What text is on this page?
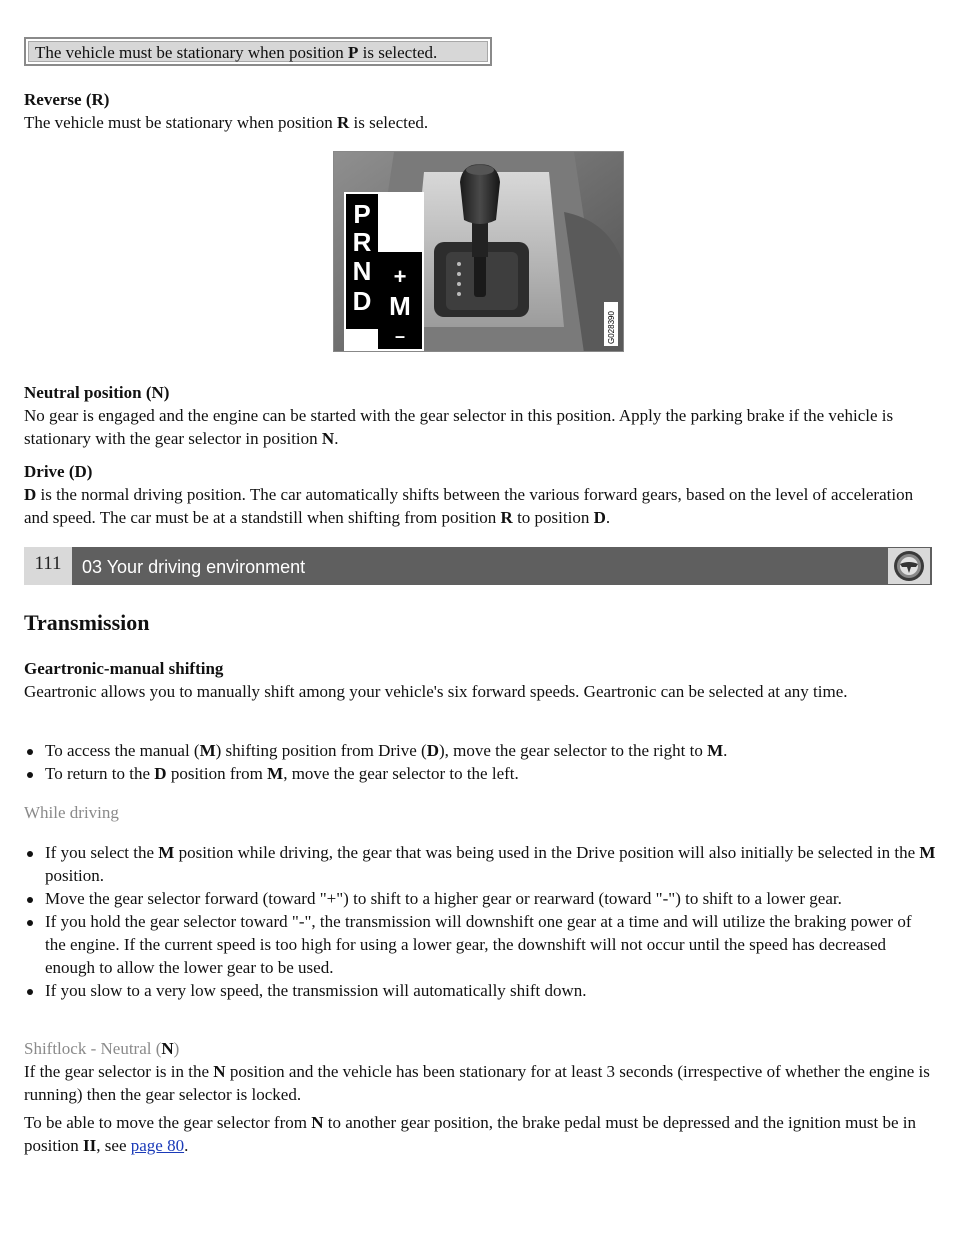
The vehicle must be stationary when position P is selected.

Reverse (R)
The vehicle must be stationary when position R is selected.

P
R
N
D
+
M
–	G028390

Neutral position (N)
No gear is engaged and the engine can be started with the gear selector in this position. Apply the parking brake if the vehicle is stationary with the gear selector in position N.

Drive (D)
D is the normal driving position. The car automatically shifts between the various forward gears, based on the level of acceleration and speed. The car must be at a standstill when shifting from position R to position D.

111	03 Your driving environment
Transmission

Geartronic-manual shifting
Geartronic allows you to manually shift among your vehicle's six forward speeds. Geartronic can be selected at any time.

To access the manual (M) shifting position from Drive (D), move the gear selector to the right to M.
To return to the D position from M, move the gear selector to the left.
While driving
If you select the M position while driving, the gear that was being used in the Drive position will also initially be selected in the M position.
Move the gear selector forward (toward "+") to shift to a higher gear or rearward (toward "-") to shift to a lower gear.
If you hold the gear selector toward "-", the transmission will downshift one gear at a time and will utilize the braking power of the engine. If the current speed is too high for using a lower gear, the downshift will not occur until the speed has decreased enough to allow the lower gear to be used.
If you slow to a very low speed, the transmission will automatically shift down.

Shiftlock - Neutral (N)
If the gear selector is in the N position and the vehicle has been stationary for at least 3 seconds (irrespective of whether the engine is running) then the gear selector is locked.

To be able to move the gear selector from N to another gear position, the brake pedal must be depressed and the ignition must be in position II, see page 80.
